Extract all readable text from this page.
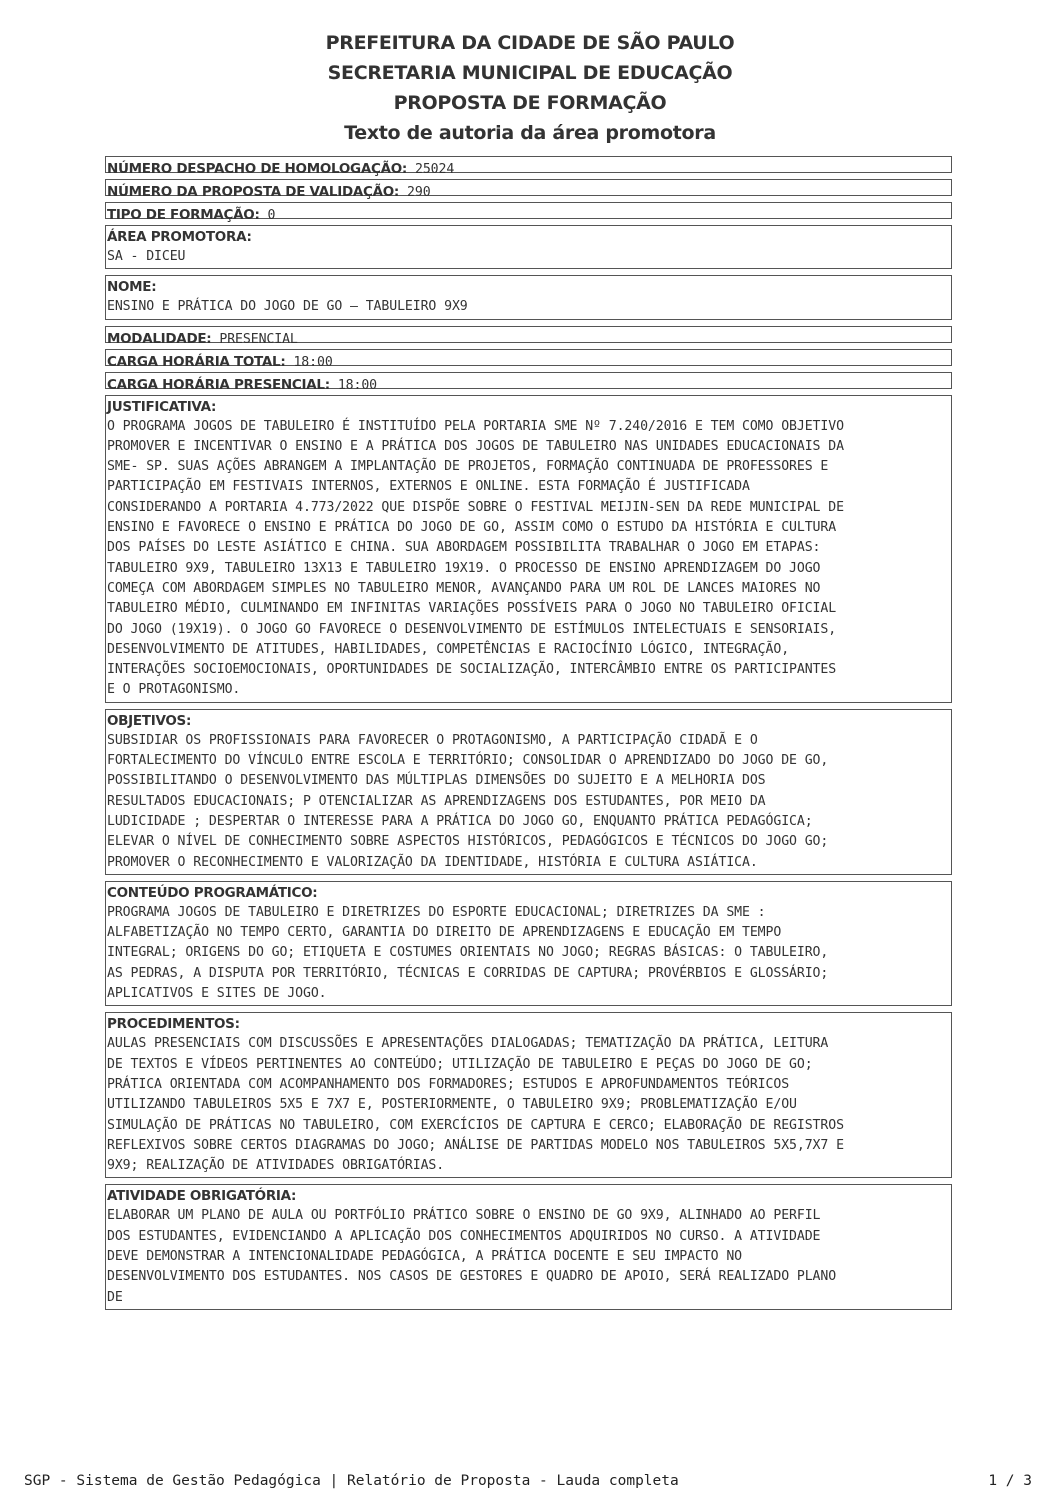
PREFEITURA DA CIDADE DE SÃO PAULO
SECRETARIA MUNICIPAL DE EDUCAÇÃO
PROPOSTA DE FORMAÇÃO
Texto de autoria da área promotora
NÚMERO DESPACHO DE HOMOLOGAÇÃO: 25024
NÚMERO DA PROPOSTA DE VALIDAÇÃO: 290
TIPO DE FORMAÇÃO: 0
ÁREA PROMOTORA:
SA - DICEU
NOME:
ENSINO E PRÁTICA DO JOGO DE GO – TABULEIRO 9X9
MODALIDADE: PRESENCIAL
CARGA HORÁRIA TOTAL: 18:00
CARGA HORÁRIA PRESENCIAL: 18:00
JUSTIFICATIVA:
O PROGRAMA JOGOS DE TABULEIRO É INSTITUÍDO PELA PORTARIA SME Nº 7.240/2016 E TEM COMO OBJETIVO
PROMOVER E INCENTIVAR O ENSINO E A PRÁTICA DOS JOGOS DE TABULEIRO NAS UNIDADES EDUCACIONAIS DA
SME- SP. SUAS AÇÕES ABRANGEM A IMPLANTAÇÃO DE PROJETOS, FORMAÇÃO CONTINUADA DE PROFESSORES E
PARTICIPAÇÃO EM FESTIVAIS INTERNOS, EXTERNOS E ONLINE. ESTA FORMAÇÃO É JUSTIFICADA
CONSIDERANDO A PORTARIA 4.773/2022 QUE DISPÕE SOBRE O FESTIVAL MEIJIN-SEN DA REDE MUNICIPAL DE
ENSINO E FAVORECE O ENSINO E PRÁTICA DO JOGO DE GO, ASSIM COMO O ESTUDO DA HISTÓRIA E CULTURA
DOS PAÍSES DO LESTE ASIÁTICO E CHINA. SUA ABORDAGEM POSSIBILITA TRABALHAR O JOGO EM ETAPAS:
TABULEIRO 9X9, TABULEIRO 13X13 E TABULEIRO 19X19. O PROCESSO DE ENSINO APRENDIZAGEM DO JOGO
COMEÇA COM ABORDAGEM SIMPLES NO TABULEIRO MENOR, AVANÇANDO PARA UM ROL DE LANCES MAIORES NO
TABULEIRO MÉDIO, CULMINANDO EM INFINITAS VARIAÇÕES POSSÍVEIS PARA O JOGO NO TABULEIRO OFICIAL
DO JOGO (19X19). O JOGO GO FAVORECE O DESENVOLVIMENTO DE ESTÍMULOS INTELECTUAIS E SENSORIAIS,
DESENVOLVIMENTO DE ATITUDES, HABILIDADES, COMPETÊNCIAS E RACIOCÍNIO LÓGICO, INTEGRAÇÃO,
INTERAÇÕES SOCIOEMOCIONAIS, OPORTUNIDADES DE SOCIALIZAÇÃO, INTERCÂMBIO ENTRE OS PARTICIPANTES
E O PROTAGONISMO.
OBJETIVOS:
SUBSIDIAR OS PROFISSIONAIS PARA FAVORECER O PROTAGONISMO, A PARTICIPAÇÃO CIDADÃ E O
FORTALECIMENTO DO VÍNCULO ENTRE ESCOLA E TERRITÓRIO; CONSOLIDAR O APRENDIZADO DO JOGO DE GO,
POSSIBILITANDO O DESENVOLVIMENTO DAS MÚLTIPLAS DIMENSÕES DO SUJEITO E A MELHORIA DOS
RESULTADOS EDUCACIONAIS; P OTENCIALIZAR AS APRENDIZAGENS DOS ESTUDANTES, POR MEIO DA
LUDICIDADE ; DESPERTAR O INTERESSE PARA A PRÁTICA DO JOGO GO, ENQUANTO PRÁTICA PEDAGÓGICA;
ELEVAR O NÍVEL DE CONHECIMENTO SOBRE ASPECTOS HISTÓRICOS, PEDAGÓGICOS E TÉCNICOS DO JOGO GO;
PROMOVER O RECONHECIMENTO E VALORIZAÇÃO DA IDENTIDADE, HISTÓRIA E CULTURA ASIÁTICA.
CONTEÚDO PROGRAMÁTICO:
PROGRAMA JOGOS DE TABULEIRO E DIRETRIZES DO ESPORTE EDUCACIONAL; DIRETRIZES DA SME :
ALFABETIZAÇÃO NO TEMPO CERTO, GARANTIA DO DIREITO DE APRENDIZAGENS E EDUCAÇÃO EM TEMPO
INTEGRAL; ORIGENS DO GO; ETIQUETA E COSTUMES ORIENTAIS NO JOGO; REGRAS BÁSICAS: O TABULEIRO,
AS PEDRAS, A DISPUTA POR TERRITÓRIO, TÉCNICAS E CORRIDAS DE CAPTURA; PROVÉRBIOS E GLOSSÁRIO;
APLICATIVOS E SITES DE JOGO.
PROCEDIMENTOS:
AULAS PRESENCIAIS COM DISCUSSÕES E APRESENTAÇÕES DIALOGADAS; TEMATIZAÇÃO DA PRÁTICA, LEITURA
DE TEXTOS E VÍDEOS PERTINENTES AO CONTEÚDO; UTILIZAÇÃO DE TABULEIRO E PEÇAS DO JOGO DE GO;
PRÁTICA ORIENTADA COM ACOMPANHAMENTO DOS FORMADORES; ESTUDOS E APROFUNDAMENTOS TEÓRICOS
UTILIZANDO TABULEIROS 5X5 E 7X7 E, POSTERIORMENTE, O TABULEIRO 9X9; PROBLEMATIZAÇÃO E/OU
SIMULAÇÃO DE PRÁTICAS NO TABULEIRO, COM EXERCÍCIOS DE CAPTURA E CERCO; ELABORAÇÃO DE REGISTROS
REFLEXIVOS SOBRE CERTOS DIAGRAMAS DO JOGO; ANÁLISE DE PARTIDAS MODELO NOS TABULEIROS 5X5,7X7 E
9X9; REALIZAÇÃO DE ATIVIDADES OBRIGATÓRIAS.
ATIVIDADE OBRIGATÓRIA:
ELABORAR UM PLANO DE AULA OU PORTFÓLIO PRÁTICO SOBRE O ENSINO DE GO 9X9, ALINHADO AO PERFIL
DOS ESTUDANTES, EVIDENCIANDO A APLICAÇÃO DOS CONHECIMENTOS ADQUIRIDOS NO CURSO. A ATIVIDADE
DEVE DEMONSTRAR A INTENCIONALIDADE PEDAGÓGICA, A PRÁTICA DOCENTE E SEU IMPACTO NO
DESENVOLVIMENTO DOS ESTUDANTES. NOS CASOS DE GESTORES E QUADRO DE APOIO, SERÁ REALIZADO PLANO
DE
SGP - Sistema de Gestão Pedagógica | Relatório de Proposta - Lauda completa	1 / 3
